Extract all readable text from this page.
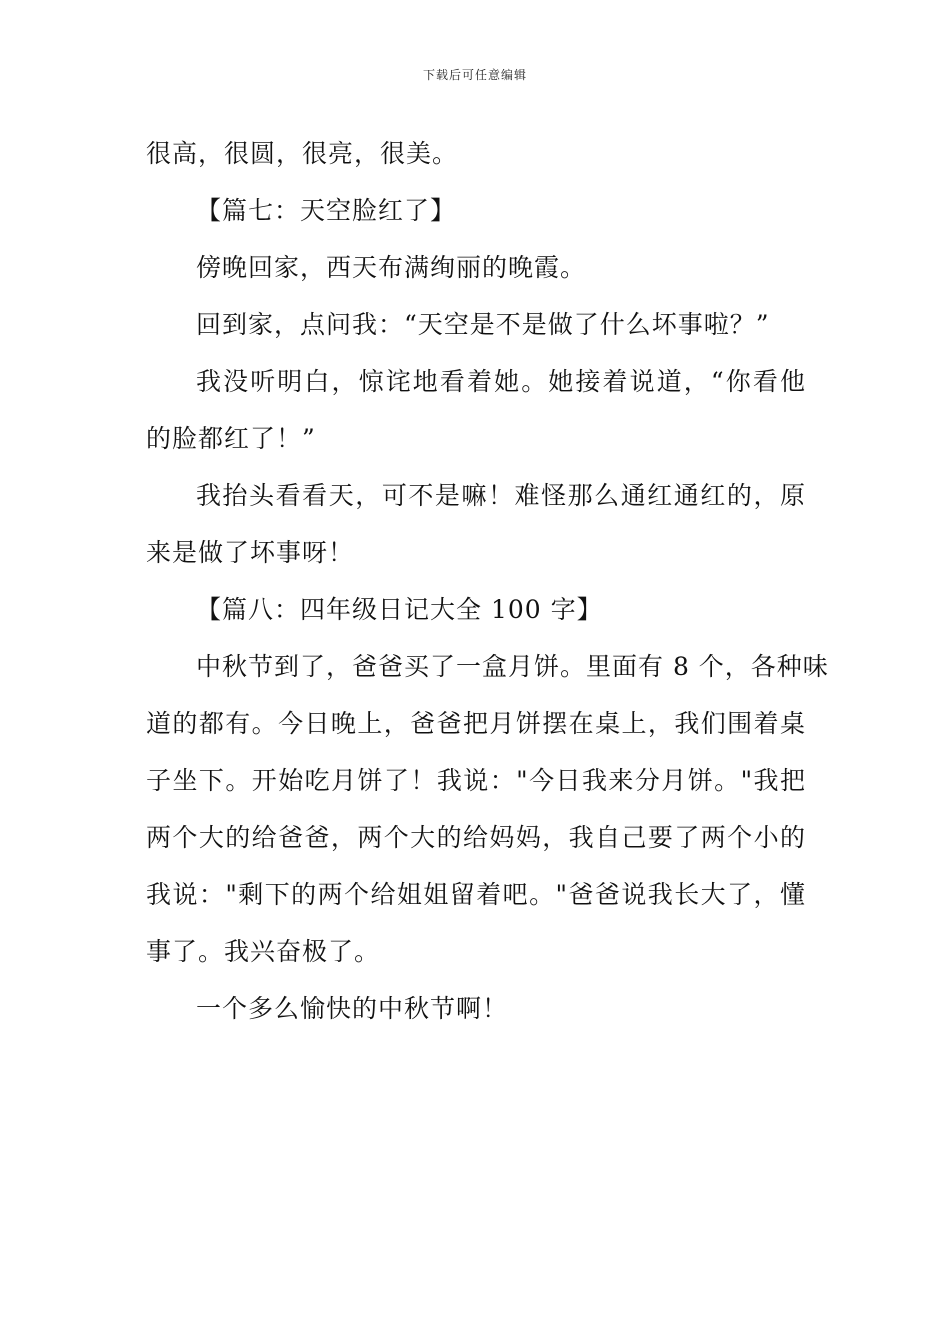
下载后可任意编辑
很高，很圆，很亮，很美。
【篇七：天空脸红了】
傍晚回家，西天布满绚丽的晚霞。
回到家，点问我：“天空是不是做了什么坏事啦？”
我没听明白，惊诧地看着她。她接着说道，“你看他
的脸都红了！”
我抬头看看天，可不是嘛！难怪那么通红通红的，原
来是做了坏事呀！
【篇八：四年级日记大全 100 字】
中秋节到了，爸爸买了一盒月饼。里面有 8 个，各种味
道的都有。今日晚上，爸爸把月饼摆在桌上，我们围着桌
子坐下。开始吃月饼了！我说："今日我来分月饼。"我把
两个大的给爸爸，两个大的给妈妈，我自己要了两个小的
我说："剩下的两个给姐姐留着吧。"爸爸说我长大了，懂
事了。我兴奋极了。
一个多么愉快的中秋节啊！
